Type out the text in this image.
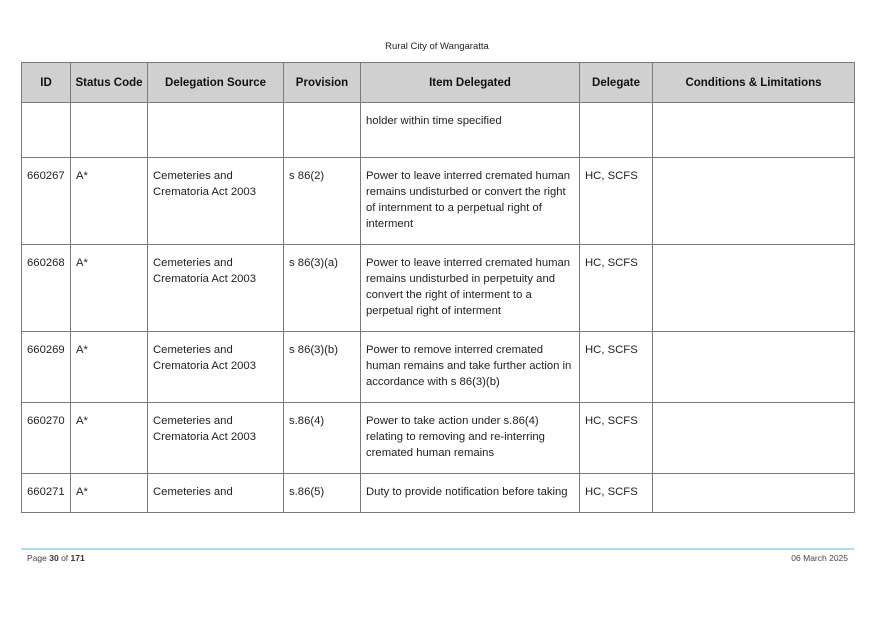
Rural City of Wangaratta
ID	Status Code	Delegation Source	Provision	Item Delegated	Delegate	Conditions & Limitations
				holder within time specified		
660267	A*	Cemeteries and Crematoria Act 2003	s 86(2)	Power to leave interred cremated human remains undisturbed or convert the right of internment to a perpetual right of interment	HC, SCFS	
660268	A*	Cemeteries and Crematoria Act 2003	s 86(3)(a)	Power to leave interred cremated human remains undisturbed in perpetuity and convert the right of interment to a perpetual right of interment	HC, SCFS	
660269	A*	Cemeteries and Crematoria Act 2003	s 86(3)(b)	Power to remove interred cremated human remains and take further action in accordance with s 86(3)(b)	HC, SCFS	
660270	A*	Cemeteries and Crematoria Act 2003	s.86(4)	Power to take action under s.86(4) relating to removing and re-interring cremated human remains	HC, SCFS	
660271	A*	Cemeteries and	s.86(5)	Duty to provide notification before taking	HC, SCFS	
Page 30 of 171	06 March 2025
